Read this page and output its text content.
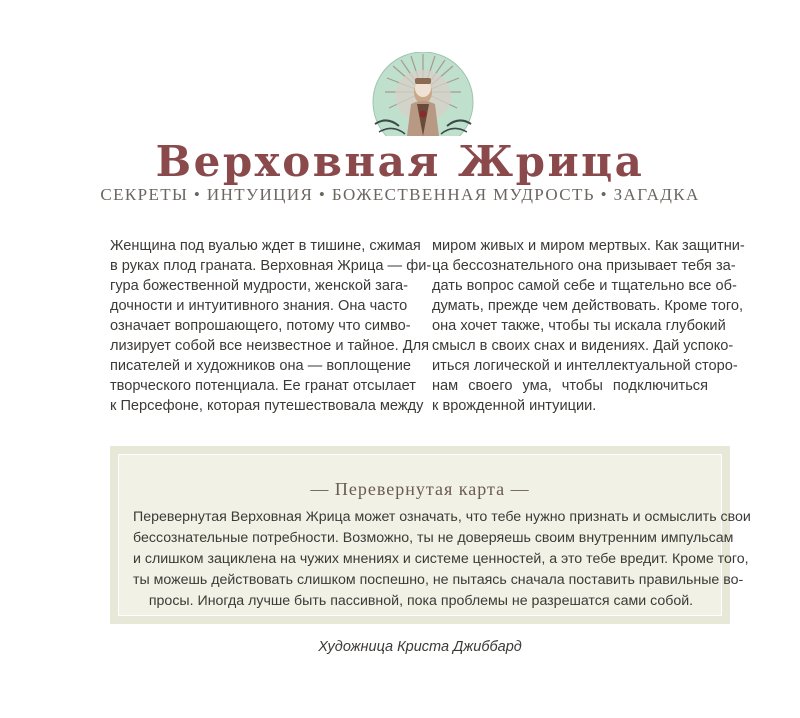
Верховная Жрица
СЕКРЕТЫ • ИНТУИЦИЯ • БОЖЕСТВЕННАЯ МУДРОСТЬ • ЗАГАДКА
Женщина под вуалью ждет в тишине, сжимая
в руках плод граната. Верховная Жрица — фи-
гура божественной мудрости, женской зага-
дочности и интуитивного знания. Она часто
означает вопрошающего, потому что симво-
лизирует собой все неизвестное и тайное. Для
писателей и художников она — воплощение
творческого потенциала. Ее гранат отсылает
к Персефоне, которая путешествовала между
миром живых и миром мертвых. Как защитни-
ца бессознательного она призывает тебя за-
дать вопрос самой себе и тщательно все об-
думать, прежде чем действовать. Кроме того,
она хочет также, чтобы ты искала глубокий
смысл в своих снах и видениях. Дай успоко-
иться логической и интеллектуальной сторо-
нам своего ума, чтобы подключиться
к врожденной интуиции.
— Перевернутая карта —
Перевернутая Верховная Жрица может означать, что тебе нужно признать и осмыслить свои
бессознательные потребности. Возможно, ты не доверяешь своим внутренним импульсам
и слишком зациклена на чужих мнениях и системе ценностей, а это тебе вредит. Кроме того,
ты можешь действовать слишком поспешно, не пытаясь сначала поставить правильные во-
просы. Иногда лучше быть пассивной, пока проблемы не разрешатся сами собой.
Художница Криста Джиббард
